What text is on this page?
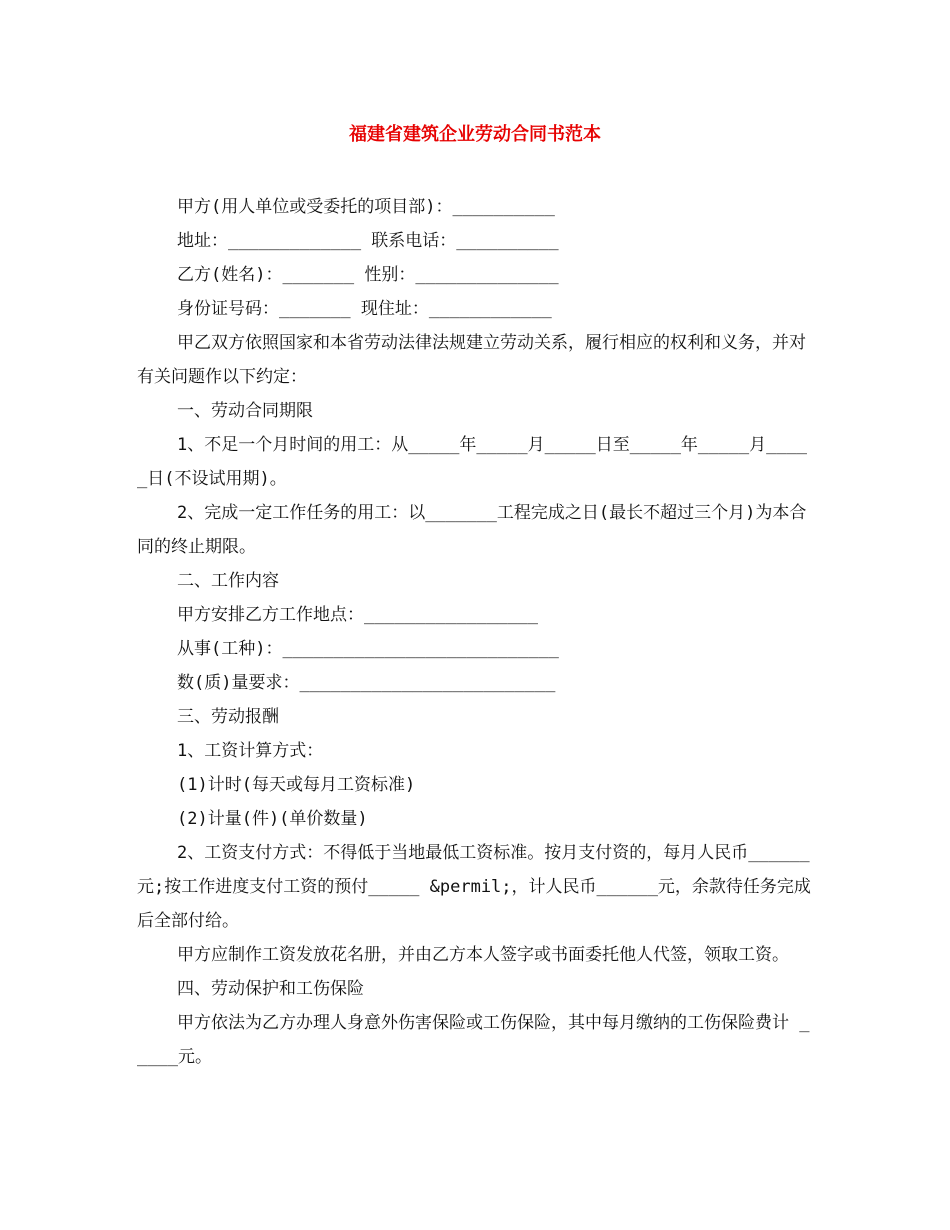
福建省建筑企业劳动合同书范本

甲方(用人单位或受委托的项目部)：__________

地址：_____________ 联系电话：__________

乙方(姓名)：_______ 性别：______________

身份证号码：_______ 现住址：____________

甲乙双方依照国家和本省劳动法律法规建立劳动关系，履行相应的权利和义务，并对有关问题作以下约定：

一、劳动合同期限

1、不足一个月时间的用工：从_____年_____月_____日至_____年_____月_____日(不设试用期)。

2、完成一定工作任务的用工：以_______工程完成之日(最长不超过三个月)为本合同的终止期限。

二、工作内容

甲方安排乙方工作地点：_________________

从事(工种)：___________________________

数(质)量要求：_________________________

三、劳动报酬

1、工资计算方式：

(1)计时(每天或每月工资标准)

(2)计量(件)(单价数量)

2、工资支付方式：不得低于当地最低工资标准。按月支付资的，每月人民币______元;按工作进度支付工资的预付_____ &permil;，计人民币______元，余款待任务完成后全部付给。

甲方应制作工资发放花名册，并由乙方本人签字或书面委托他人代签，领取工资。

四、劳动保护和工伤保险

甲方依法为乙方办理人身意外伤害保险或工伤保险，其中每月缴纳的工伤保险费计 _____元。
